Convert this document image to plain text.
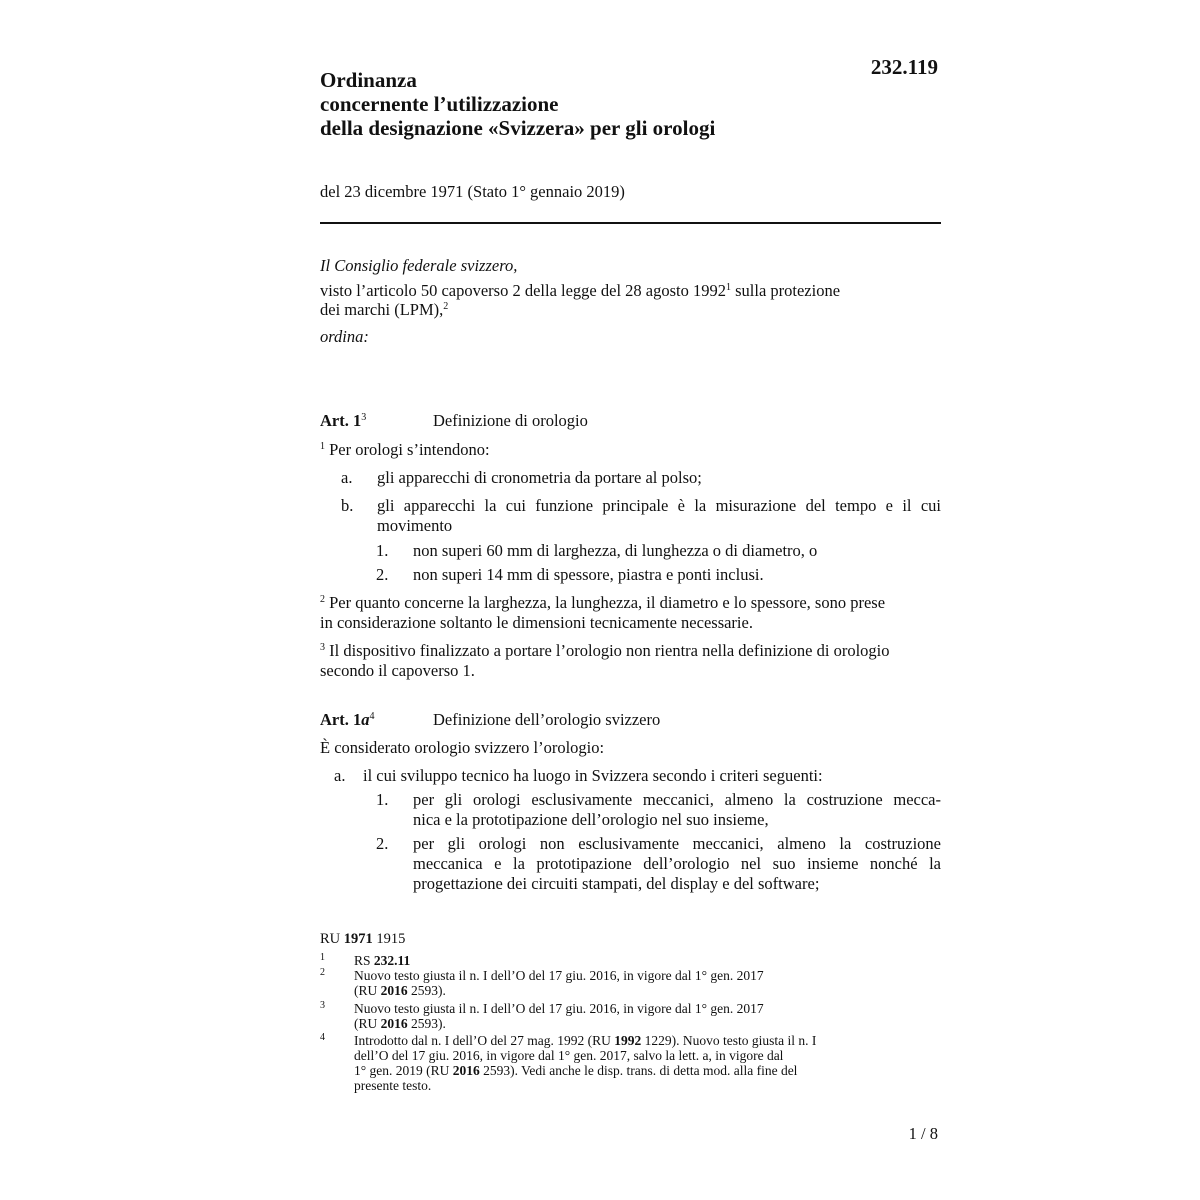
232.119
Ordinanza
concernente l’utilizzazione
della designazione «Svizzera» per gli orologi
del 23 dicembre 1971 (Stato 1° gennaio 2019)
Il Consiglio federale svizzero,
visto l’articolo 50 capoverso 2 della legge del 28 agosto 1992$^1$ sulla protezione
dei marchi (LPM),$^2$
ordina:
Art. $1^3$	Definizione di orologio
$^1$ Per orologi s’intendono:
a. gli apparecchi di cronometria da portare al polso;
b. gli apparecchi la cui funzione principale è la misurazione del tempo e il cui
movimento
1. non superi 60 mm di larghezza, di lunghezza o di diametro, o
2. non superi 14 mm di spessore, piastra e ponti inclusi.
$^2$ Per quanto concerne la larghezza, la lunghezza, il diametro e lo spessore, sono prese
in considerazione soltanto le dimensioni tecnicamente necessarie.
$^3$ Il dispositivo finalizzato a portare l’orologio non rientra nella definizione di orologio
secondo il capoverso 1.
Art. $1a^4$	Definizione dell’orologio svizzero
È considerato orologio svizzero l’orologio:
a. il cui sviluppo tecnico ha luogo in Svizzera secondo i criteri seguenti:
1. per gli orologi esclusivamente meccanici, almeno la costruzione mecca-
nica e la prototipazione dell’orologio nel suo insieme,
2. per gli orologi non esclusivamente meccanici, almeno la costruzione
meccanica e la prototipazione dell’orologio nel suo insieme nonché la
progettazione dei circuiti stampati, del display e del software;
RU 1971 1915
1 RS 232.11
2 Nuovo testo giusta il n. I dell’O del 17 giu. 2016, in vigore dal 1° gen. 2017
(RU 2016 2593).
3 Nuovo testo giusta il n. I dell’O del 17 giu. 2016, in vigore dal 1° gen. 2017
(RU 2016 2593).
4 Introdotto dal n. I dell’O del 27 mag. 1992 (RU 1992 1229). Nuovo testo giusta il n. I
dell’O del 17 giu. 2016, in vigore dal 1° gen. 2017, salvo la lett. a, in vigore dal
1° gen. 2019 (RU 2016 2593). Vedi anche le disp. trans. di detta mod. alla fine del
presente testo.
1 / 8
